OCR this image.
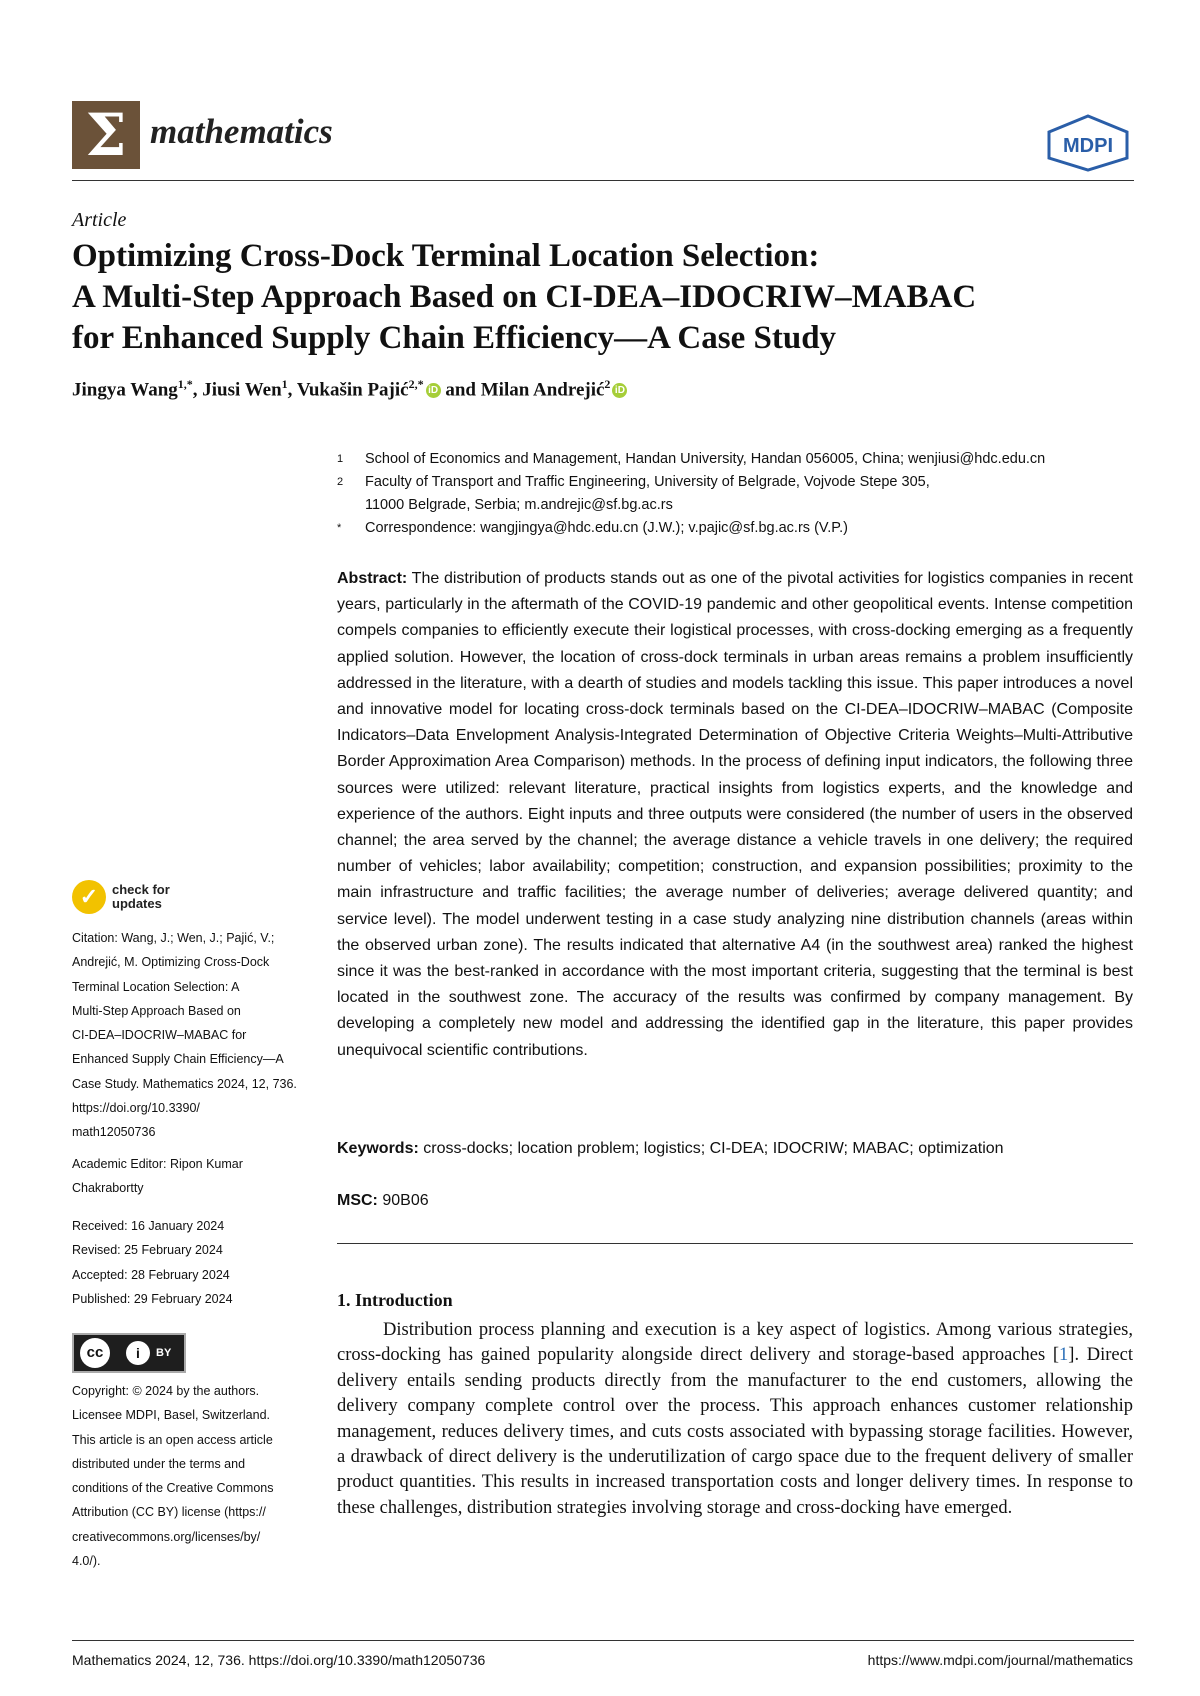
Σ mathematics	MDPI
Article
Optimizing Cross-Dock Terminal Location Selection:
A Multi-Step Approach Based on CI-DEA–IDOCRIW–MABAC
for Enhanced Supply Chain Efficiency—A Case Study
Jingya Wang$^{1,*}$, Jiusi Wen$^1$, Vukašin Pajić$^{2,*}$ iD and Milan Andrejić$^2$ iD
1	School of Economics and Management, Handan University, Handan 056005, China; wenjiusi@hdc.edu.cn
2	Faculty of Transport and Traffic Engineering, University of Belgrade, Vojvode Stepe 305,
11000 Belgrade, Serbia; m.andrejic@sf.bg.ac.rs
*	Correspondence: wangjingya@hdc.edu.cn (J.W.); v.pajic@sf.bg.ac.rs (V.P.)
Abstract: The distribution of products stands out as one of the pivotal activities for logistics companies in recent years, particularly in the aftermath of the COVID-19 pandemic and other geopolitical events. Intense competition compels companies to efficiently execute their logistical processes, with cross-docking emerging as a frequently applied solution. However, the location of cross-dock terminals in urban areas remains a problem insufficiently addressed in the literature, with a dearth of studies and models tackling this issue. This paper introduces a novel and innovative model for locating cross-dock terminals based on the CI-DEA–IDOCRIW–MABAC (Composite Indicators–Data Envelopment Analysis-Integrated Determination of Objective Criteria Weights–Multi-Attributive Border Approximation Area Comparison) methods. In the process of defining input indicators, the following three sources were utilized: relevant literature, practical insights from logistics experts, and the knowledge and experience of the authors. Eight inputs and three outputs were considered (the number of users in the observed channel; the area served by the channel; the average distance a vehicle travels in one delivery; the required number of vehicles; labor availability; competition; construction, and expansion possibilities; proximity to the main infrastructure and traffic facilities; the average number of deliveries; average delivered quantity; and service level). The model underwent testing in a case study analyzing nine distribution channels (areas within the observed urban zone). The results indicated that alternative A4 (in the southwest area) ranked the highest since it was the best-ranked in accordance with the most important criteria, suggesting that the terminal is best located in the southwest zone. The accuracy of the results was confirmed by company management. By developing a completely new model and addressing the identified gap in the literature, this paper provides unequivocal scientific contributions.
Keywords: cross-docks; location problem; logistics; CI-DEA; IDOCRIW; MABAC; optimization
MSC: 90B06
1. Introduction
Distribution process planning and execution is a key aspect of logistics. Among various strategies, cross-docking has gained popularity alongside direct delivery and storage-based approaches [1]. Direct delivery entails sending products directly from the manufacturer to the end customers, allowing the delivery company complete control over the process. This approach enhances customer relationship management, reduces delivery times, and cuts costs associated with bypassing storage facilities. However, a drawback of direct delivery is the underutilization of cargo space due to the frequent delivery of smaller product quantities. This results in increased transportation costs and longer delivery times. In response to these challenges, distribution strategies involving storage and cross-docking have emerged.
✓	check for
updates
Citation: Wang, J.; Wen, J.; Pajić, V.;
Andrejić, M. Optimizing Cross-Dock
Terminal Location Selection: A
Multi-Step Approach Based on
CI-DEA–IDOCRIW–MABAC for
Enhanced Supply Chain Efficiency—A
Case Study. Mathematics 2024, 12, 736.
https://doi.org/10.3390/
math12050736
Academic Editor: Ripon Kumar
Chakrabortty
Received: 16 January 2024
Revised: 25 February 2024
Accepted: 28 February 2024
Published: 29 February 2024
cc	i	BY
Copyright: © 2024 by the authors.
Licensee MDPI, Basel, Switzerland.
This article is an open access article
distributed under the terms and
conditions of the Creative Commons
Attribution (CC BY) license (https://
creativecommons.org/licenses/by/
4.0/).
Mathematics 2024, 12, 736. https://doi.org/10.3390/math12050736	https://www.mdpi.com/journal/mathematics
